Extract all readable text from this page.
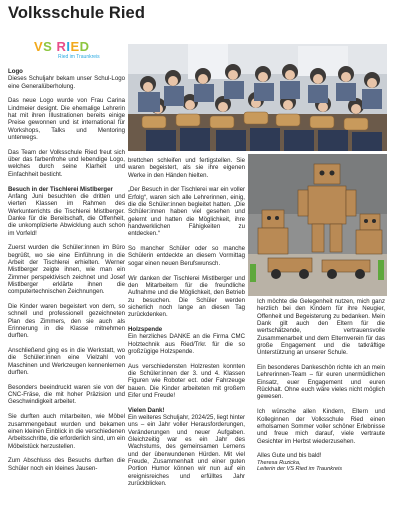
Volksschule Ried
VS RIED
Ried im Traunkreis
Logo

Dieses Schuljahr bekam unser Schul-Logo eine Generalüberholung.

Das neue Logo wurde von Frau Carina Lindmeier designt. Die ehemalige Lehrerin hat mit ihren Illustrationen bereits einige Preise gewonnen und ist international für Workshops, Talks und Mentoring unterwegs.

Das Team der Volksschule Ried freut sich über das farbenfrohe und lebendige Logo, welches durch seine Klarheit und Einfachheit besticht.

Besuch in der Tischlerei Mistlberger

Anfang Juni besuchten die dritten und vierten Klassen im Rahmen des Werkunterrichts die Tischlerei Mistlberger. Danke für die Bereitschaft, die Offenheit, die unkomplizierte Abwicklung auch schon im Vorfeld!

Zuerst wurden die Schüler:innen im Büro begrüßt, wo sie eine Einführung in die Arbeit der Tischlerei erhielten. Werner Mistlberger zeigte ihnen, wie man ein Zimmer perspektivisch zeichnet und Josef Mistlberger erklärte ihnen die computertechnischen Zeichnungen.

Die Kinder waren begeistert von dem, so schnell und professionell gezeichneten Plan des Zimmers, den sie auch als Erinnerung in die Klasse mitnehmen durften.

Anschließend ging es in die Werkstatt, wo die Schüler:innen eine Vielzahl von Maschinen und Werkzeugen kennenlernen durften.

Besonders beeindruckt waren sie von der CNC-Fräse, die mit hoher Präzision und Geschwindigkeit arbeitet.

Sie durften auch mitarbeiten, wie Möbel zusammengebaut wurden und bekamen einen kleinen Einblick in die verschiedenen Arbeitsschritte, die erforderlich sind, um ein Möbelstück herzustellen.

Zum Abschluss des Besuchs durften die Schüler noch ein kleines Jausen-

brettchen schleifen und fertigstellen. Sie waren begeistert, als sie ihre eigenen Werke in den Händen hielten.

„Der Besuch in der Tischlerei war ein voller Erfolg“, waren sich alle Lehrerinnen, einig, die die Schüler:innen begleitet hatten. „Die Schüler:innen haben viel gesehen und gelernt und hatten die Möglichkeit, ihre handwerklichen Fähigkeiten zu entdecken.“

So mancher Schüler oder so manche Schülerin entdeckte an diesem Vormittag sogar einen neuen Berufswunsch.

Wir danken der Tischlerei Mistlberger und den Mitarbeitern für die freundliche Aufnahme und die Möglichkeit, den Betrieb zu besuchen. Die Schüler werden sicherlich noch lange an diesen Tag zurückdenken.

Holzspende

Ein herzliches DANKE an die Firma CMC Holztechnik aus Ried/Trkr. für die so großzügige Holzspende.

Aus verschiedensten Holzresten konnten die Schüler:innen der 3. und 4. Klassen Figuren wie Roboter ect. oder Fahrzeuge bauen. Die Kinder arbeiteten mit großem Eifer und Freude!

Vielen Dank!

Ein weiteres Schuljahr, 2024/25, liegt hinter uns – ein Jahr voller Herausforderungen, Veränderungen und neuer Aufgaben. Gleichzeitig war es ein Jahr des Wachstums, des gemeinsamen Lernens und der überwundenen Hürden. Mit viel Freude, Zusammenhalt und einer guten Portion Humor können wir nun auf ein ereignisreiches und erfülltes Jahr zurückblicken.

Ich möchte die Gelegenheit nutzen, mich ganz herzlich bei den Kindern für ihre Neugier, Offenheit und Begeisterung zu bedanken. Mein Dank gilt auch den Eltern für die wertschätzende, vertrauensvolle Zusammenarbeit und dem Elternverein für das große Engagement und die tatkräftige Unterstützung an unserer Schule.

Ein besonderes Dankeschön richte ich an mein Lehrerinnen-Team – für euren unermüdlichen Einsatz, euer Engagement und euren Rückhalt. Ohne euch wäre vieles nicht möglich gewesen.

Ich wünsche allen Kindern, Eltern und Kolleginnen der Volksschule Ried einen erholsamen Sommer voller schöner Erlebnisse und freue mich darauf, viele vertraute Gesichter im Herbst wiederzusehen.

Alles Gute und bis bald!

Theresa Ruzicka,
Leiterin der VS Ried im Traunkreis
